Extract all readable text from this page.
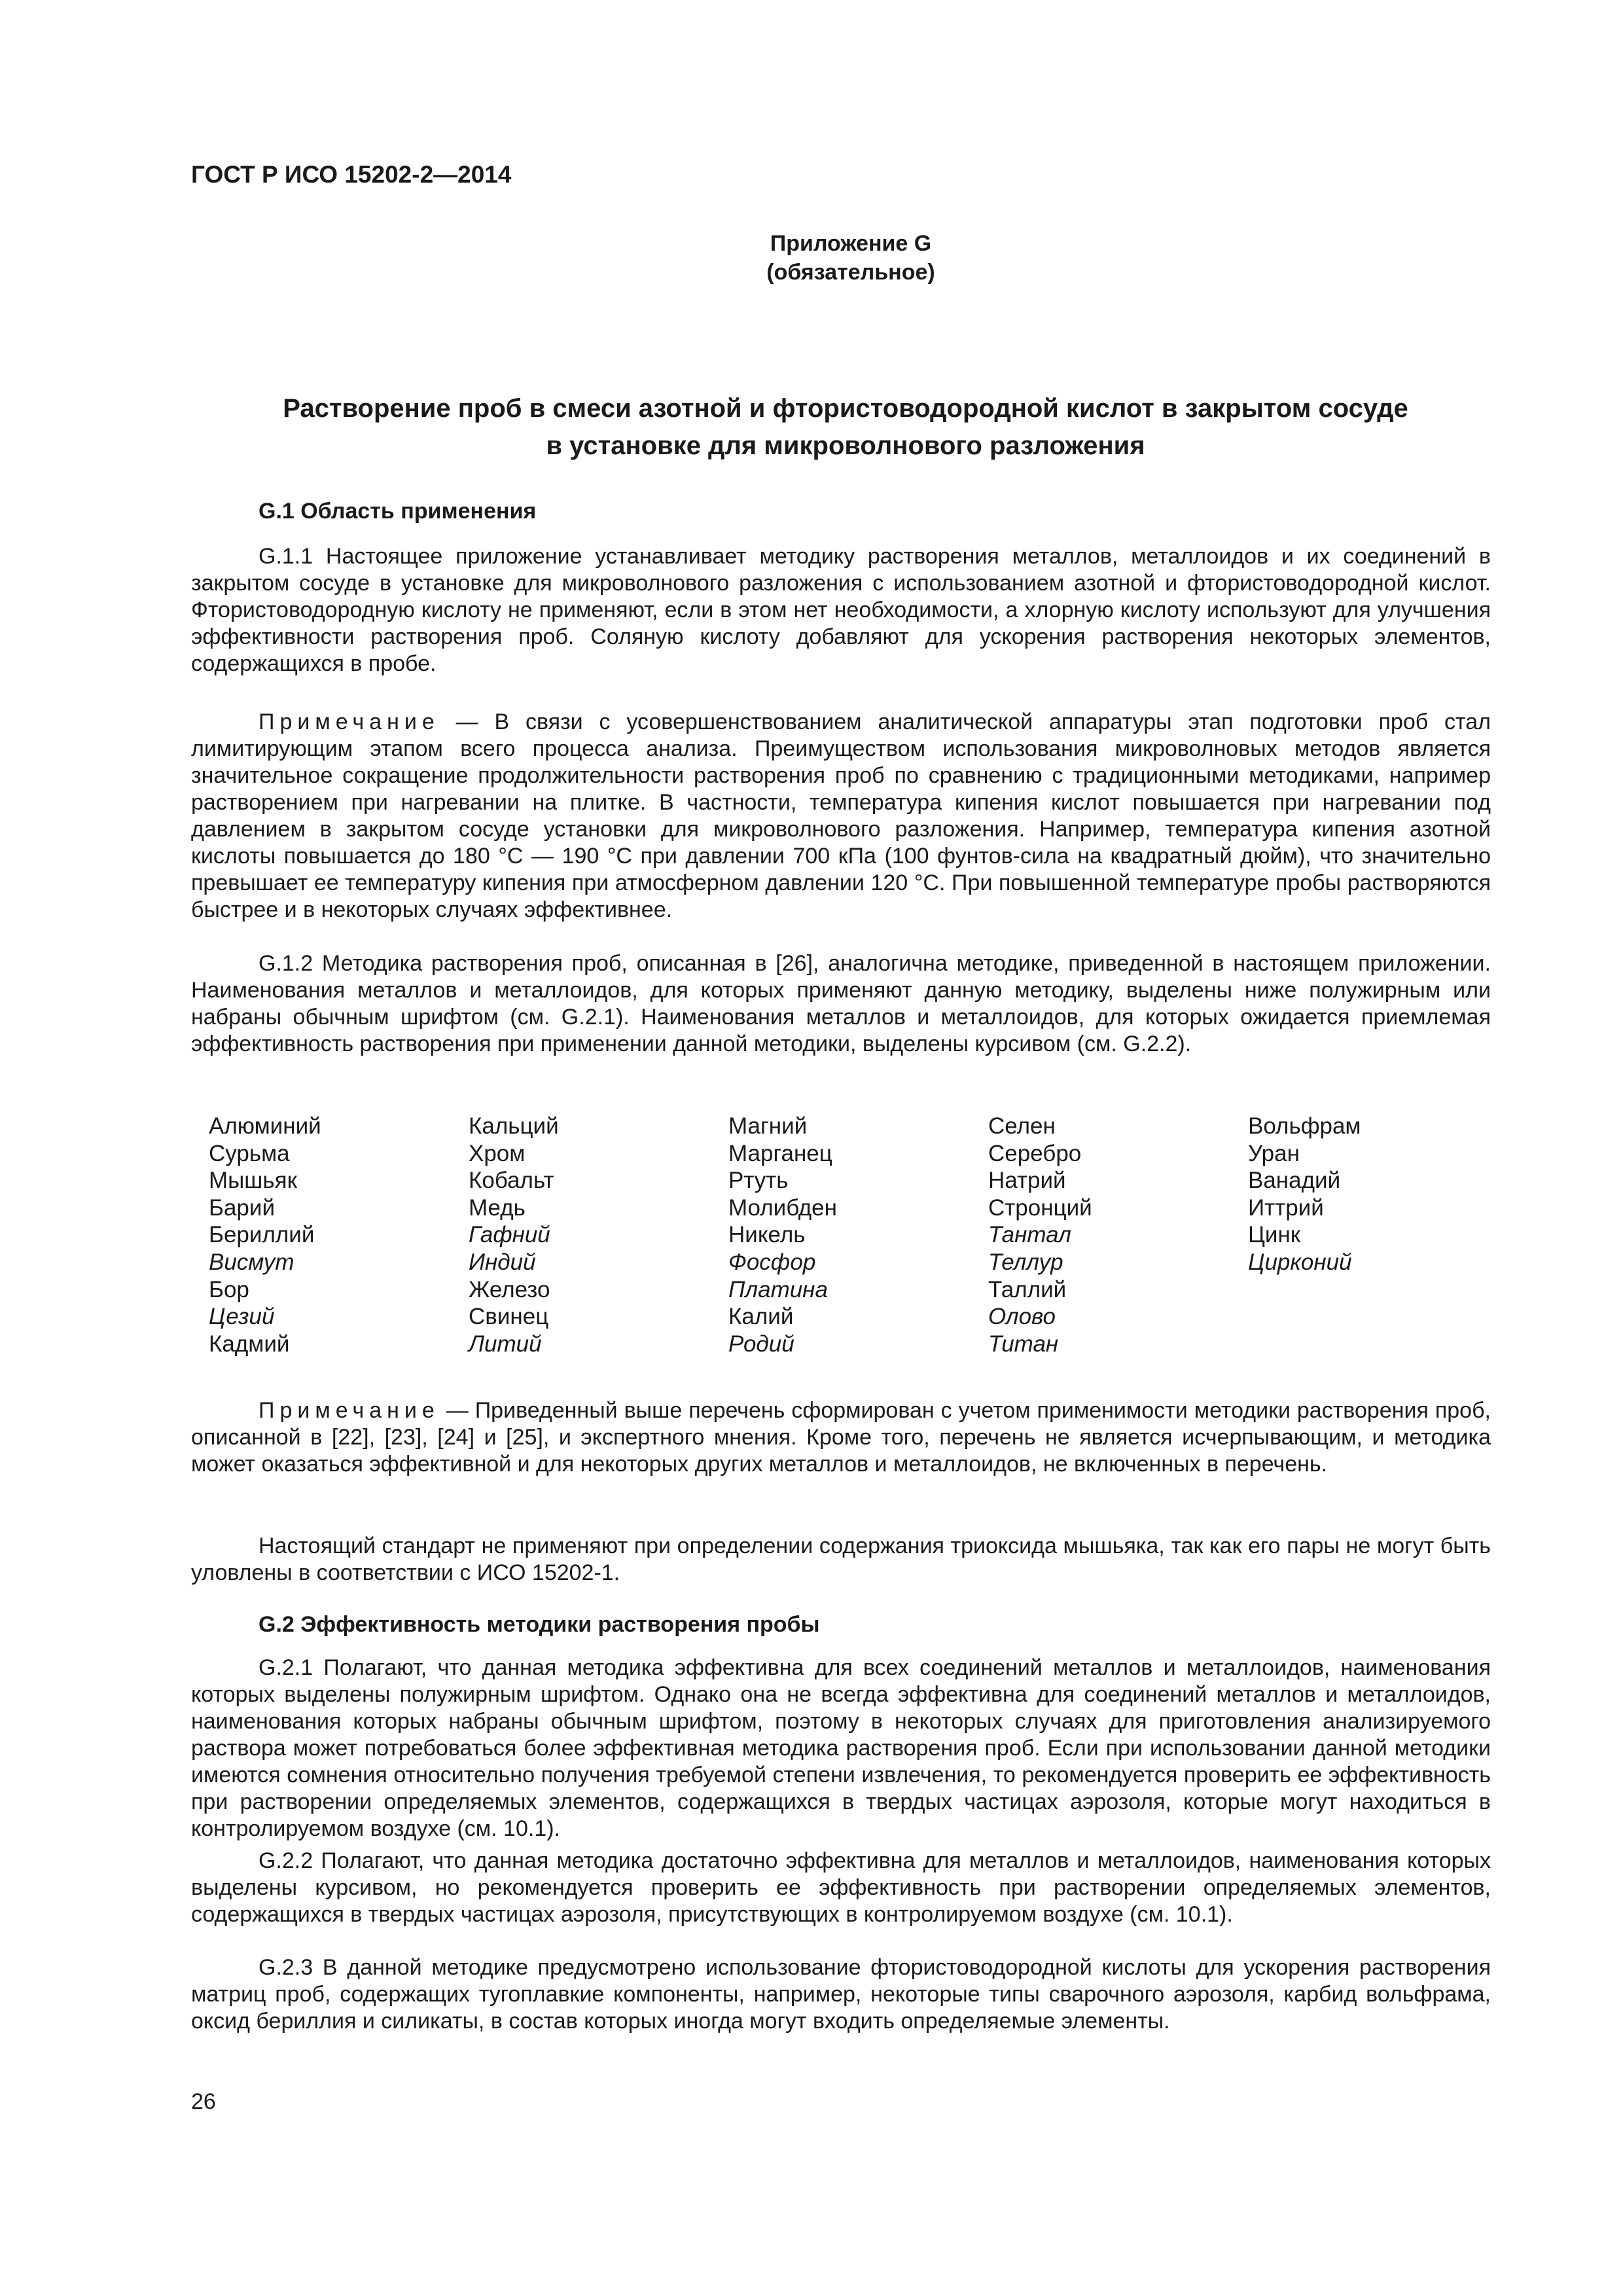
ГОСТ Р ИСО 15202-2—2014
Приложение G
(обязательное)
Растворение проб в смеси азотной и фтористоводородной кислот в закрытом сосуде
в установке для микроволнового разложения
G.1 Область применения

G.1.1 Настоящее приложение устанавливает методику растворения металлов, металлоидов и их соединений в закрытом сосуде в установке для микроволнового разложения с использованием азотной и фтористоводородной кислот. Фтористоводородную кислоту не применяют, если в этом нет необходимости, а хлорную кислоту используют для улучшения эффективности растворения проб. Соляную кислоту добавляют для ускорения растворения некоторых элементов, содержащихся в пробе.

Примечание — В связи с усовершенствованием аналитической аппаратуры этап подготовки проб стал лимитирующим этапом всего процесса анализа. Преимуществом использования микроволновых методов является значительное сокращение продолжительности растворения проб по сравнению с традиционными методиками, например растворением при нагревании на плитке. В частности, температура кипения кислот повышается при нагревании под давлением в закрытом сосуде установки для микроволнового разложения. Например, температура кипения азотной кислоты повышается до 180 °С — 190 °С при давлении 700 кПа (100 фунтов-сила на квадратный дюйм), что значительно превышает ее температуру кипения при атмосферном давлении 120 °С. При повышенной температуре пробы растворяются быстрее и в некоторых случаях эффективнее.

G.1.2 Методика растворения проб, описанная в [26], аналогична методике, приведенной в настоящем приложении. Наименования металлов и металлоидов, для которых применяют данную методику, выделены ниже полужирным или набраны обычным шрифтом (см. G.2.1). Наименования металлов и металлоидов, для которых ожидается приемлемая эффективность растворения при применении данной методики, выделены курсивом (см. G.2.2).

Алюминий
Сурьма
Мышьяк
Барий
Бериллий
Висмут
Бор
Цезий
Кадмий
Кальций
Хром
Кобальт
Медь
Гафний
Индий
Железо
Свинец
Литий
Магний
Марганец
Ртуть
Молибден
Никель
Фосфор
Платина
Калий
Родий
Селен
Серебро
Натрий
Стронций
Тантал
Теллур
Таллий
Олово
Титан
Вольфрам
Уран
Ванадий
Иттрий
Цинк
Цирконий

Примечание — Приведенный выше перечень сформирован с учетом применимости методики растворения проб, описанной в [22], [23], [24] и [25], и экспертного мнения. Кроме того, перечень не является исчерпывающим, и методика может оказаться эффективной и для некоторых других металлов и металлоидов, не включенных в перечень.

Настоящий стандарт не применяют при определении содержания триоксида мышьяка, так как его пары не могут быть уловлены в соответствии с ИСО 15202-1.

G.2 Эффективность методики растворения пробы

G.2.1 Полагают, что данная методика эффективна для всех соединений металлов и металлоидов, наименования которых выделены полужирным шрифтом. Однако она не всегда эффективна для соединений металлов и металлоидов, наименования которых набраны обычным шрифтом, поэтому в некоторых случаях для приготовления анализируемого раствора может потребоваться более эффективная методика растворения проб. Если при использовании данной методики имеются сомнения относительно получения требуемой степени извлечения, то рекомендуется проверить ее эффективность при растворении определяемых элементов, содержащихся в твердых частицах аэрозоля, которые могут находиться в контролируемом воздухе (см. 10.1).

G.2.2 Полагают, что данная методика достаточно эффективна для металлов и металлоидов, наименования которых выделены курсивом, но рекомендуется проверить ее эффективность при растворении определяемых элементов, содержащихся в твердых частицах аэрозоля, присутствующих в контролируемом воздухе (см. 10.1).

G.2.3 В данной методике предусмотрено использование фтористоводородной кислоты для ускорения растворения матриц проб, содержащих тугоплавкие компоненты, например, некоторые типы сварочного аэрозоля, карбид вольфрама, оксид бериллия и силикаты, в состав которых иногда могут входить определяемые элементы.

26
